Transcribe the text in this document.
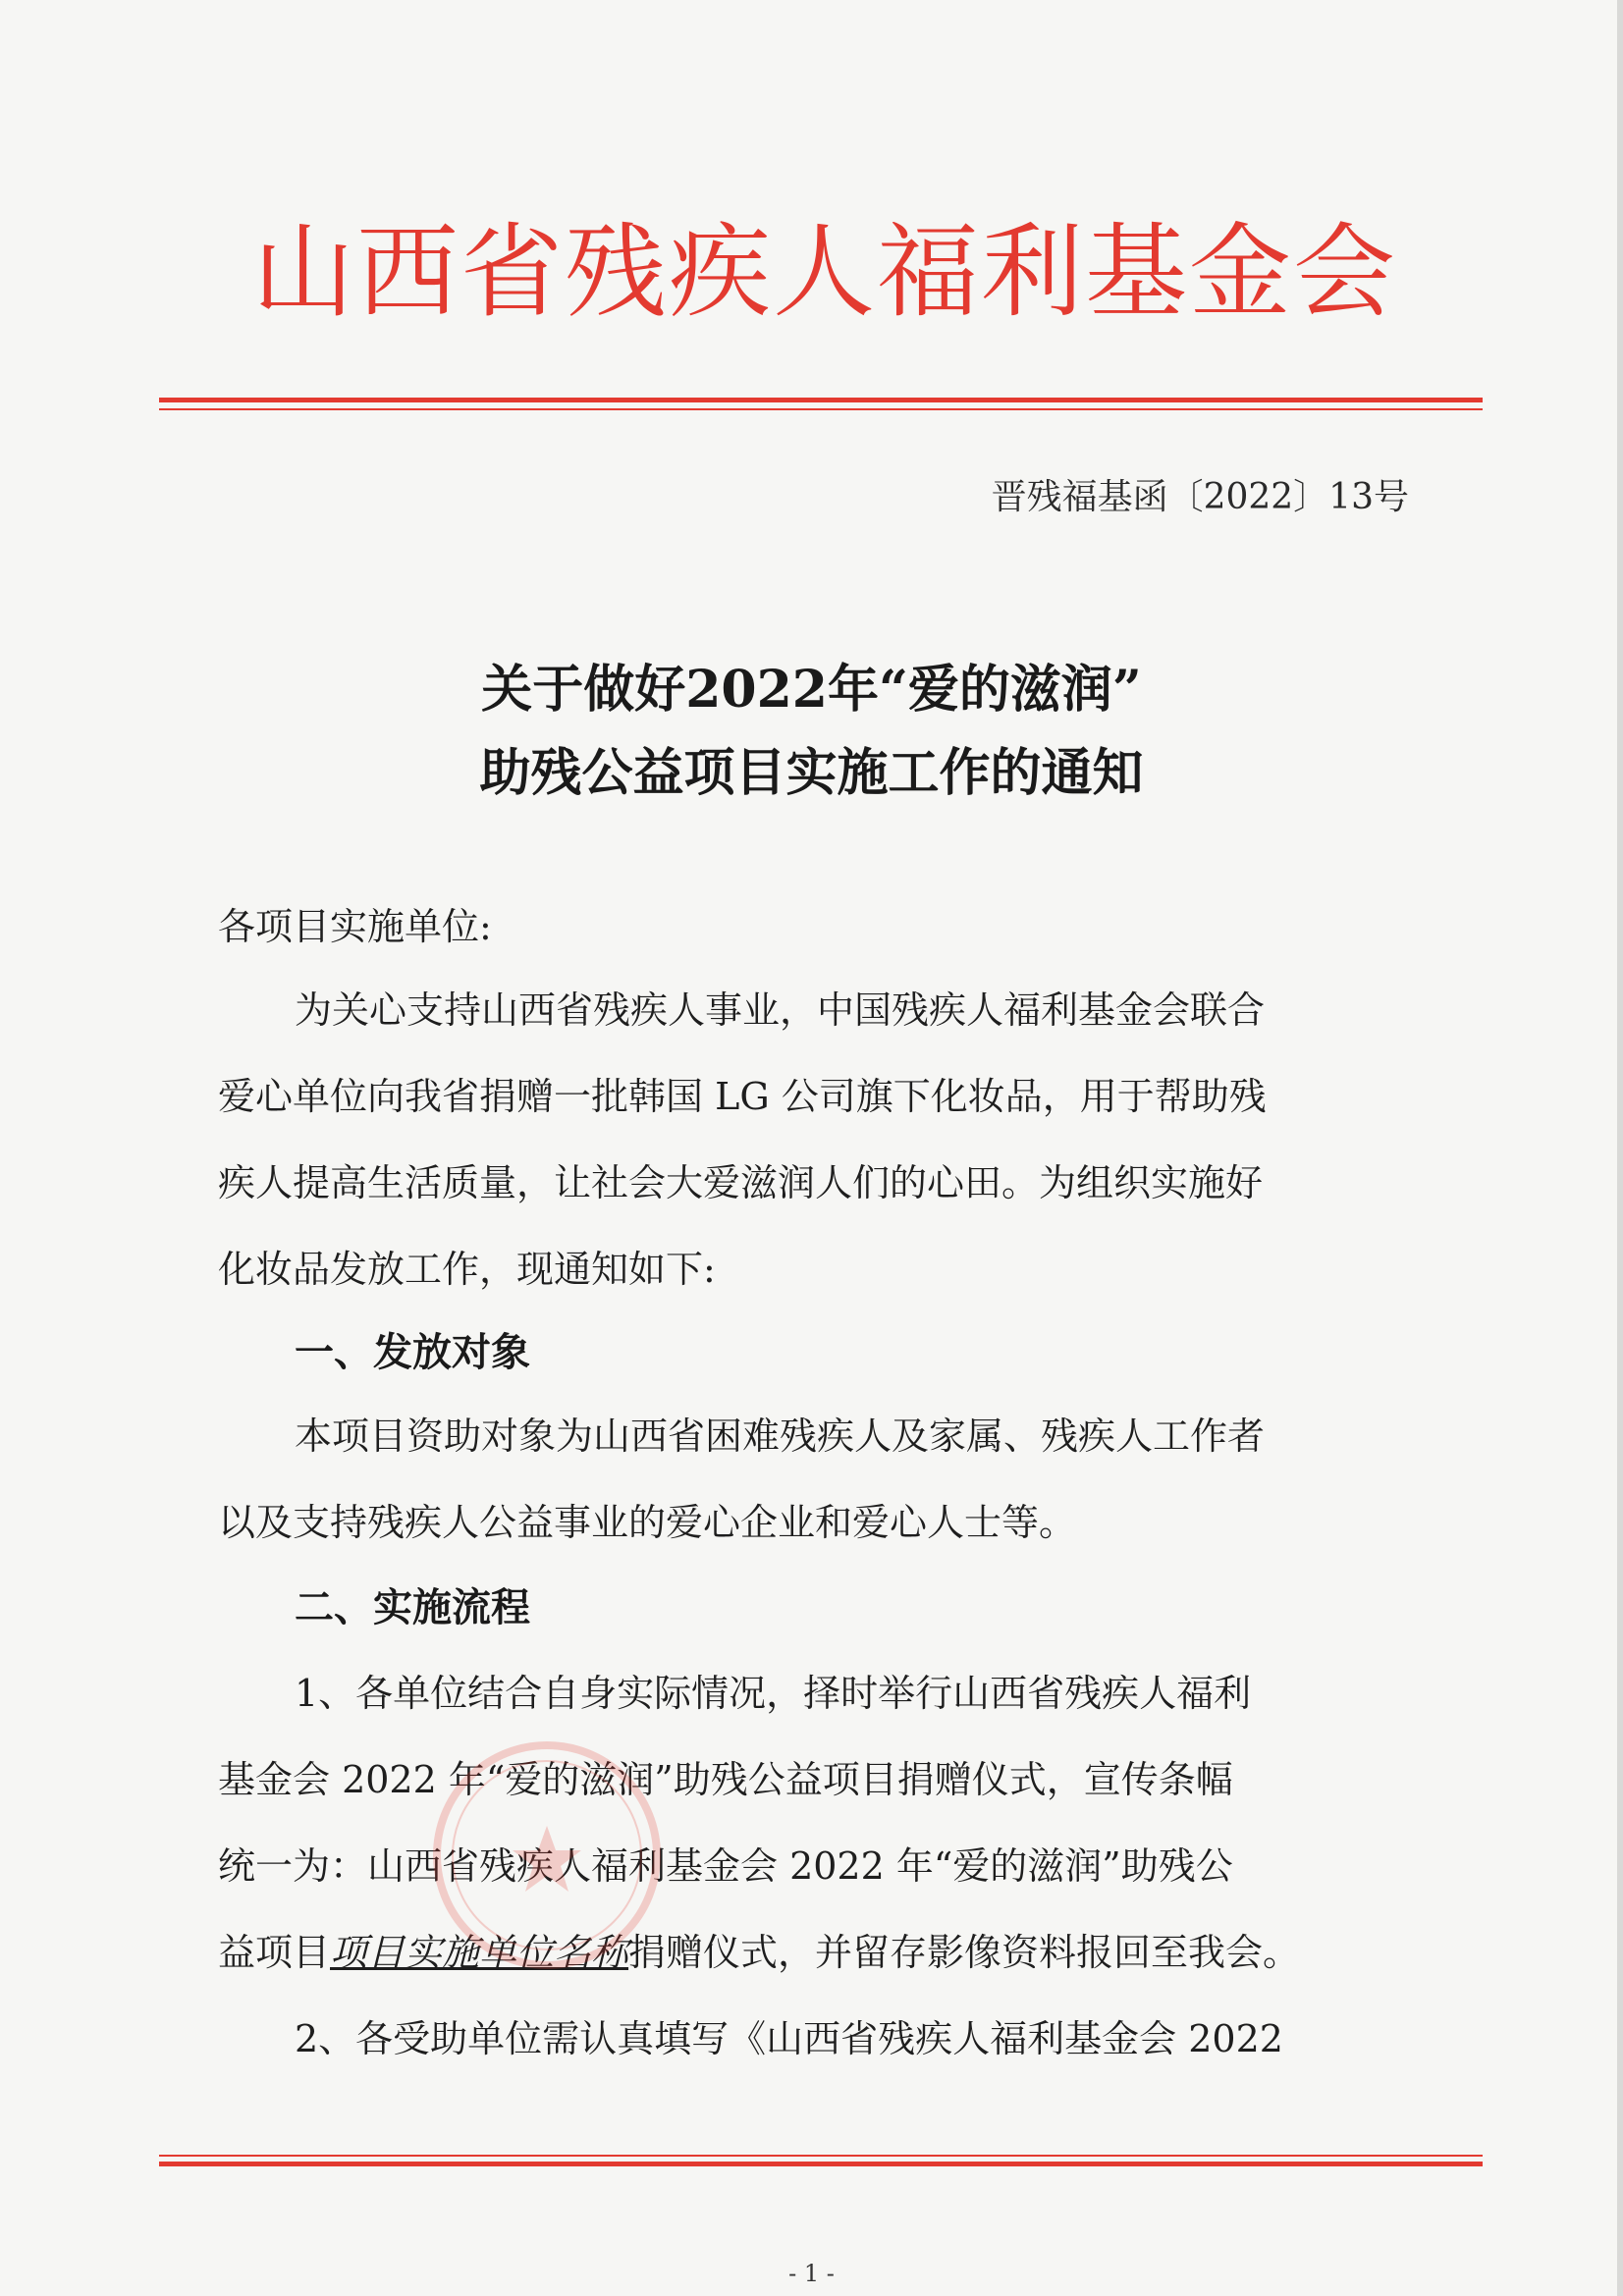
山西省残疾人福利基金会
晋残福基函〔2022〕13号
关于做好2022年“爱的滋润”
助残公益项目实施工作的通知
各项目实施单位:
为关心支持山西省残疾人事业，中国残疾人福利基金会联合
爱心单位向我省捐赠一批韩国 LG 公司旗下化妆品，用于帮助残
疾人提高生活质量，让社会大爱滋润人们的心田。为组织实施好
化妆品发放工作，现通知如下:
一、发放对象
本项目资助对象为山西省困难残疾人及家属、残疾人工作者
以及支持残疾人公益事业的爱心企业和爱心人士等。
二、实施流程
1、各单位结合自身实际情况，择时举行山西省残疾人福利
基金会 2022 年“爱的滋润”助残公益项目捐赠仪式，宣传条幅
统一为：山西省残疾人福利基金会 2022 年“爱的滋润”助残公
益项目项目实施单位名称捐赠仪式，并留存影像资料报回至我会。
2、各受助单位需认真填写《山西省残疾人福利基金会 2022
- 1 -
